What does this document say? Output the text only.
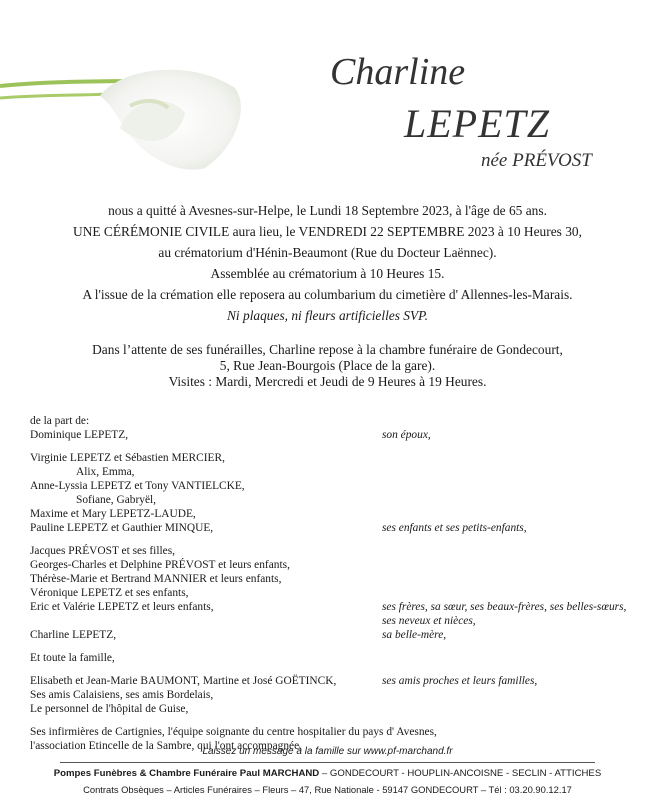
Charline
LEPETZ
née PRÉVOST

nous a quitté à Avesnes-sur-Helpe, le Lundi 18 Septembre 2023, à l'âge de 65 ans.

UNE CÉRÉMONIE CIVILE aura lieu, le VENDREDI 22 SEPTEMBRE 2023 à 10 Heures 30,

au crématorium d'Hénin-Beaumont (Rue du Docteur Laënnec).

Assemblée au crématorium à 10 Heures 15.

A l'issue de la crémation elle reposera au columbarium du cimetière d' Allennes-les-Marais.

Ni plaques, ni fleurs artificielles SVP.

Dans l’attente de ses funérailles, Charline repose à la chambre funéraire de Gondecourt,

5, Rue Jean-Bourgois (Place de la gare).

Visites : Mardi, Mercredi et Jeudi de 9 Heures à 19 Heures.

de la part de:
Dominique LEPETZ,	son époux,
Virginie LEPETZ et Sébastien MERCIER,
Alix, Emma,
Anne-Lyssia LEPETZ et Tony VANTIELCKE,
Sofiane, Gabryël,
Maxime et Mary LEPETZ-LAUDE,
Pauline LEPETZ et Gauthier MINQUE,	ses enfants et ses petits-enfants,
Jacques PRÉVOST et ses filles,
Georges-Charles et Delphine PRÉVOST et leurs enfants,
Thérèse-Marie et Bertrand MANNIER et leurs enfants,
Véronique LEPETZ et ses enfants,
Eric et Valérie LEPETZ et leurs enfants,	ses frères, sa sœur, ses beaux-frères, ses belles-sœurs,
ses neveux et nièces,
Charline LEPETZ,	sa belle-mère,
Et toute la famille,
Elisabeth et Jean-Marie BAUMONT, Martine et José GOËTINCK,	ses amis proches et leurs familles,
Ses amis Calaisiens, ses amis Bordelais,
Le personnel de l'hôpital de Guise,
Ses infirmières de Cartignies, l'équipe soignante du centre hospitalier du pays d' Avesnes,
l'association Etincelle de la Sambre, qui l'ont accompagnée,
Laissez un message à la famille sur www.pf-marchand.fr
Pompes Funèbres & Chambre Funéraire Paul MARCHAND – GONDECOURT - HOUPLIN-ANCOISNE - SECLIN - ATTICHES
Contrats Obsèques – Articles Funéraires – Fleurs – 47, Rue Nationale - 59147 GONDECOURT – Tél : 03.20.90.12.17
